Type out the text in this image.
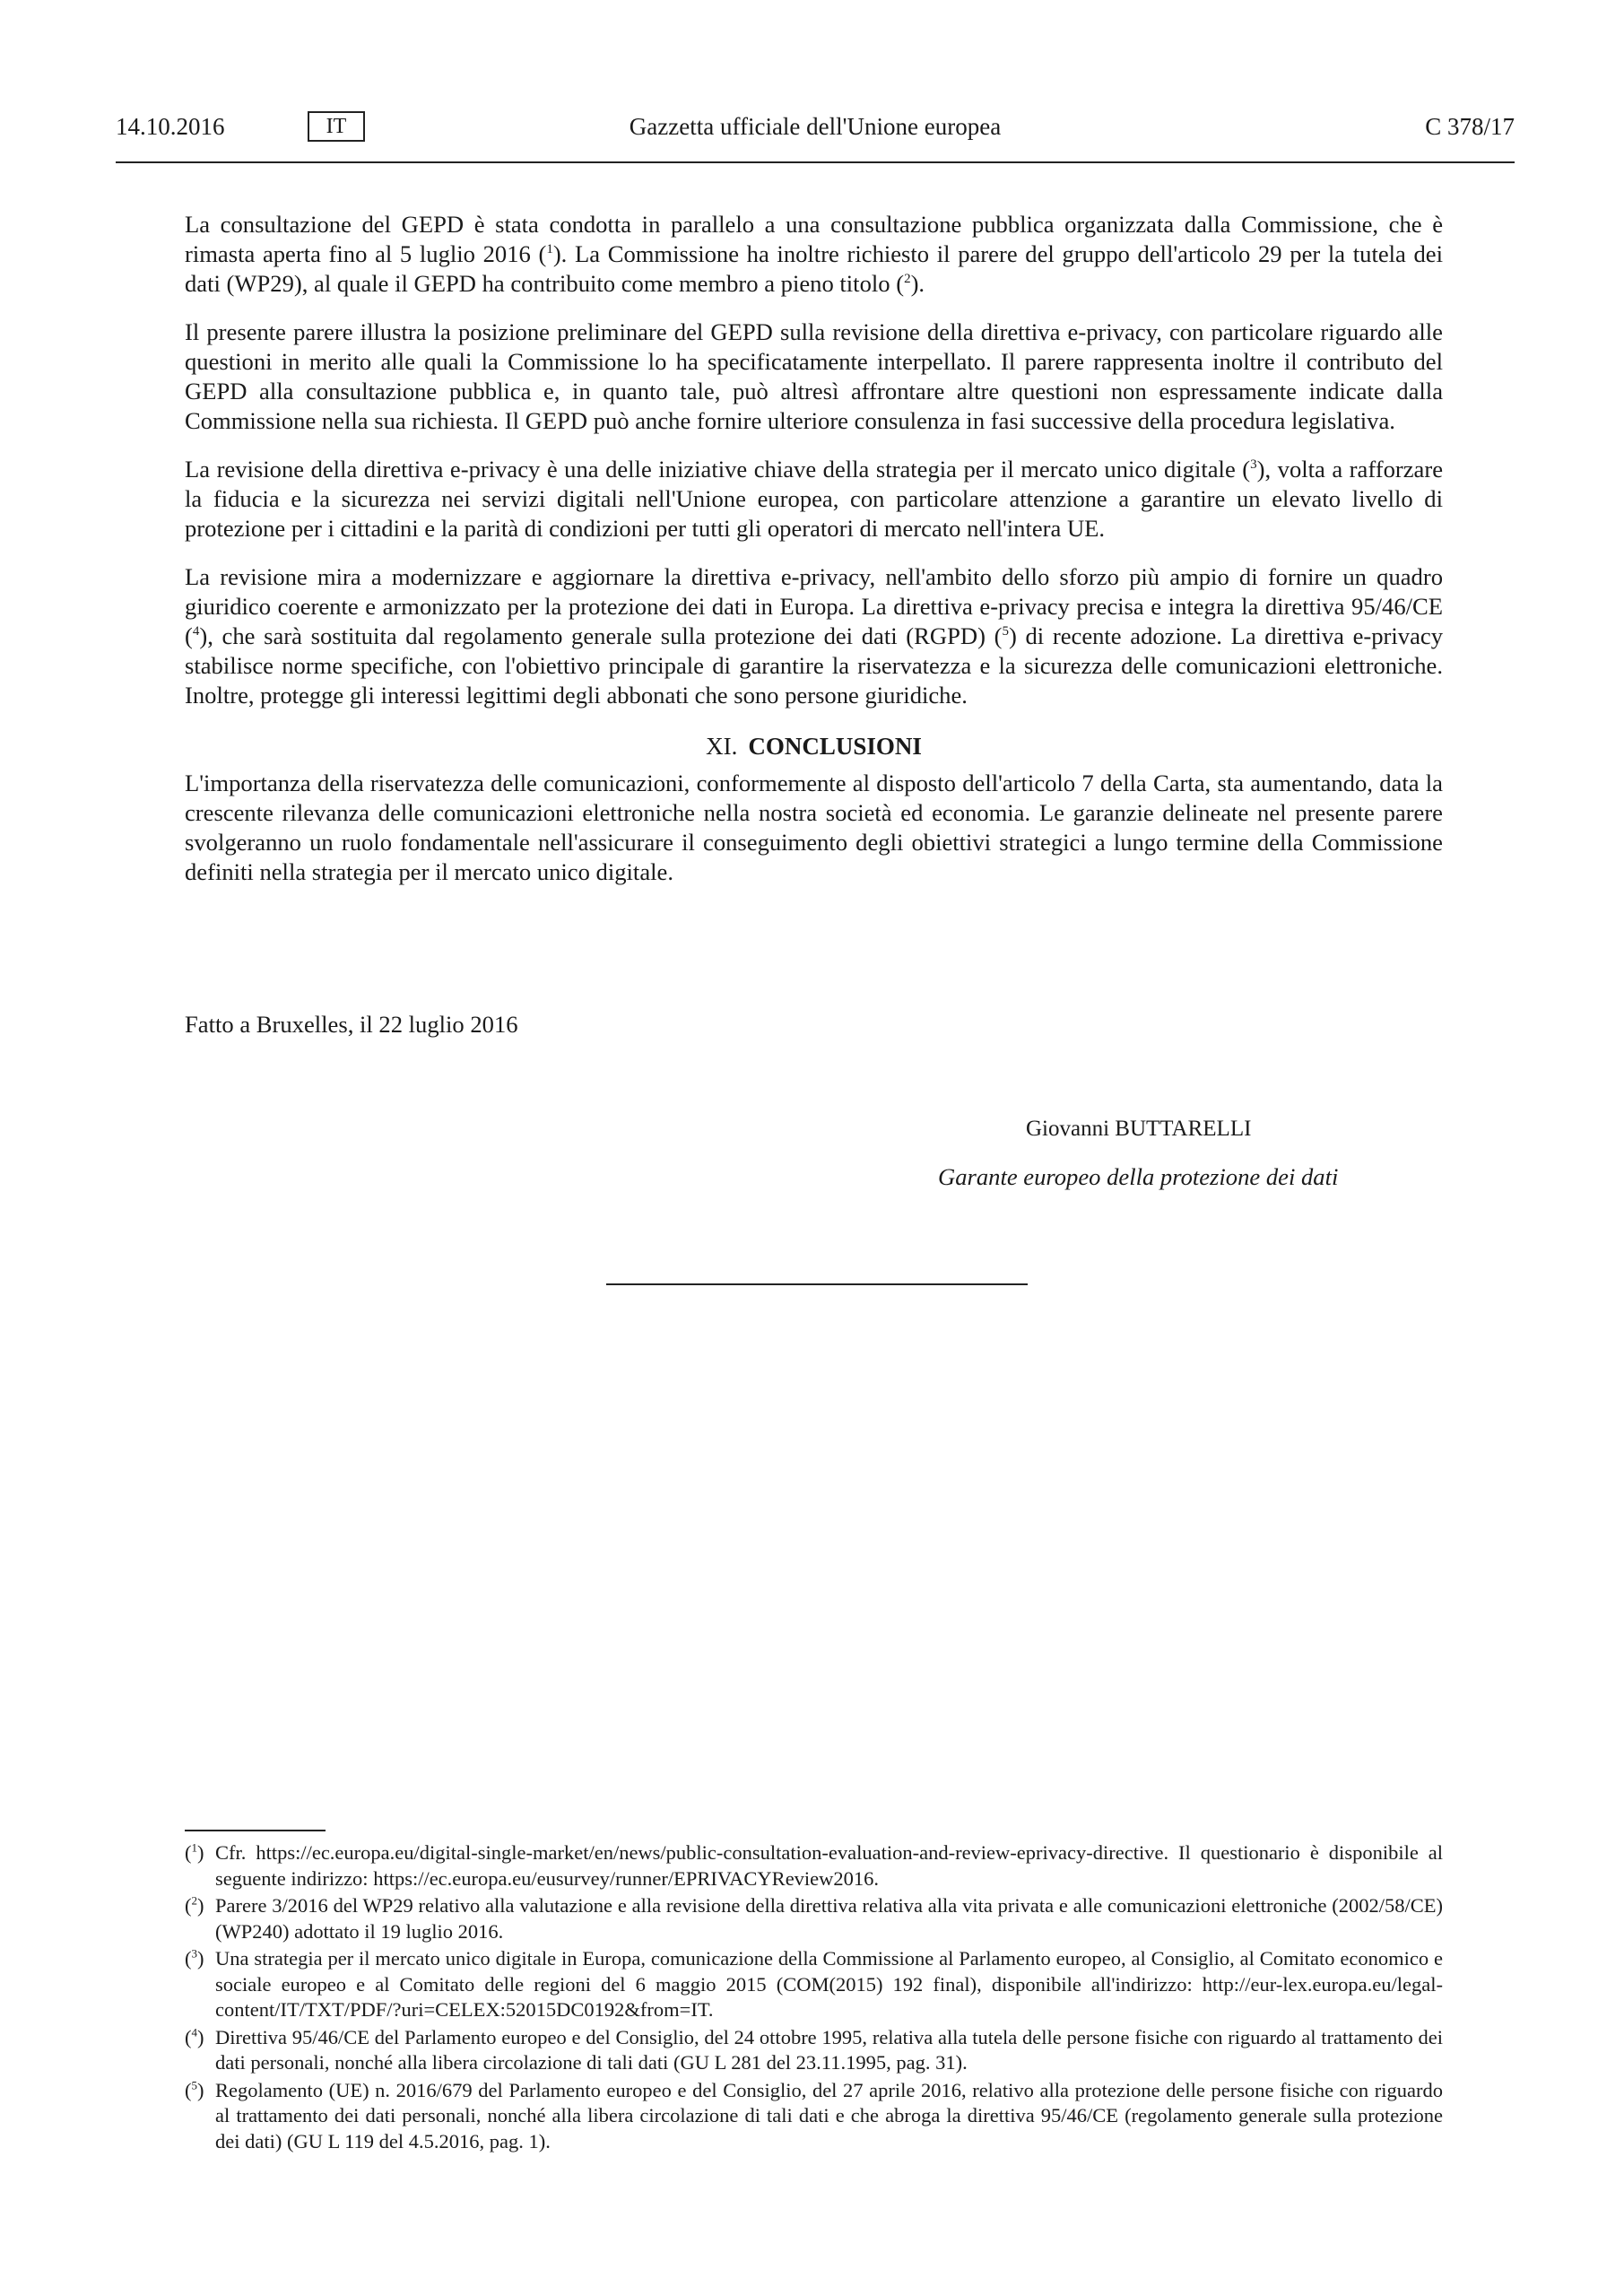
Gazzetta ufficiale dell'Unione europea
14.10.2016	IT	C 378/17

La consultazione del GEPD è stata condotta in parallelo a una consultazione pubblica organizzata dalla Commissione, che è rimasta aperta fino al 5 luglio 2016 ($^1$). La Commissione ha inoltre richiesto il parere del gruppo dell'articolo 29 per la tutela dei dati (WP29), al quale il GEPD ha contribuito come membro a pieno titolo ($^2$).

Il presente parere illustra la posizione preliminare del GEPD sulla revisione della direttiva e-privacy, con particolare riguardo alle questioni in merito alle quali la Commissione lo ha specificatamente interpellato. Il parere rappresenta inoltre il contributo del GEPD alla consultazione pubblica e, in quanto tale, può altresì affrontare altre questioni non espressamente indicate dalla Commissione nella sua richiesta. Il GEPD può anche fornire ulteriore consulenza in fasi successive della procedura legislativa.

La revisione della direttiva e-privacy è una delle iniziative chiave della strategia per il mercato unico digitale ($^3$), volta a rafforzare la fiducia e la sicurezza nei servizi digitali nell'Unione europea, con particolare attenzione a garantire un elevato livello di protezione per i cittadini e la parità di condizioni per tutti gli operatori di mercato nell'intera UE.

La revisione mira a modernizzare e aggiornare la direttiva e-privacy, nell'ambito dello sforzo più ampio di fornire un quadro giuridico coerente e armonizzato per la protezione dei dati in Europa. La direttiva e-privacy precisa e integra la direttiva 95/46/CE ($^4$), che sarà sostituita dal regolamento generale sulla protezione dei dati (RGPD) ($^5$) di recente adozione. La direttiva e-privacy stabilisce norme specifiche, con l'obiettivo principale di garantire la riservatezza e la sicurezza delle comunicazioni elettroniche. Inoltre, protegge gli interessi legittimi degli abbonati che sono persone giuridiche.

XI. CONCLUSIONI

L'importanza della riservatezza delle comunicazioni, conformemente al disposto dell'articolo 7 della Carta, sta aumentando, data la crescente rilevanza delle comunicazioni elettroniche nella nostra società ed economia. Le garanzie delineate nel presente parere svolgeranno un ruolo fondamentale nell'assicurare il conseguimento degli obiettivi strategici a lungo termine della Commissione definiti nella strategia per il mercato unico digitale.

Fatto a Bruxelles, il 22 luglio 2016
Giovanni BUTTARELLI
Garante europeo della protezione dei dati
($^1$) Cfr. https://ec.europa.eu/digital-single-market/en/news/public-consultation-evaluation-and-review-eprivacy-directive. Il questionario è disponibile al seguente indirizzo: https://ec.europa.eu/eusurvey/runner/EPRIVACYReview2016.
($^2$) Parere 3/2016 del WP29 relativo alla valutazione e alla revisione della direttiva relativa alla vita privata e alle comunicazioni elettroniche (2002/58/CE) (WP240) adottato il 19 luglio 2016.
($^3$) Una strategia per il mercato unico digitale in Europa, comunicazione della Commissione al Parlamento europeo, al Consiglio, al Comitato economico e sociale europeo e al Comitato delle regioni del 6 maggio 2015 (COM(2015) 192 final), disponibile all'indirizzo: http://eur-lex.europa.eu/legal-content/IT/TXT/PDF/?uri=CELEX:52015DC0192&from=IT.
($^4$) Direttiva 95/46/CE del Parlamento europeo e del Consiglio, del 24 ottobre 1995, relativa alla tutela delle persone fisiche con riguardo al trattamento dei dati personali, nonché alla libera circolazione di tali dati (GU L 281 del 23.11.1995, pag. 31).
($^5$) Regolamento (UE) n. 2016/679 del Parlamento europeo e del Consiglio, del 27 aprile 2016, relativo alla protezione delle persone fisiche con riguardo al trattamento dei dati personali, nonché alla libera circolazione di tali dati e che abroga la direttiva 95/46/CE (regolamento generale sulla protezione dei dati) (GU L 119 del 4.5.2016, pag. 1).
